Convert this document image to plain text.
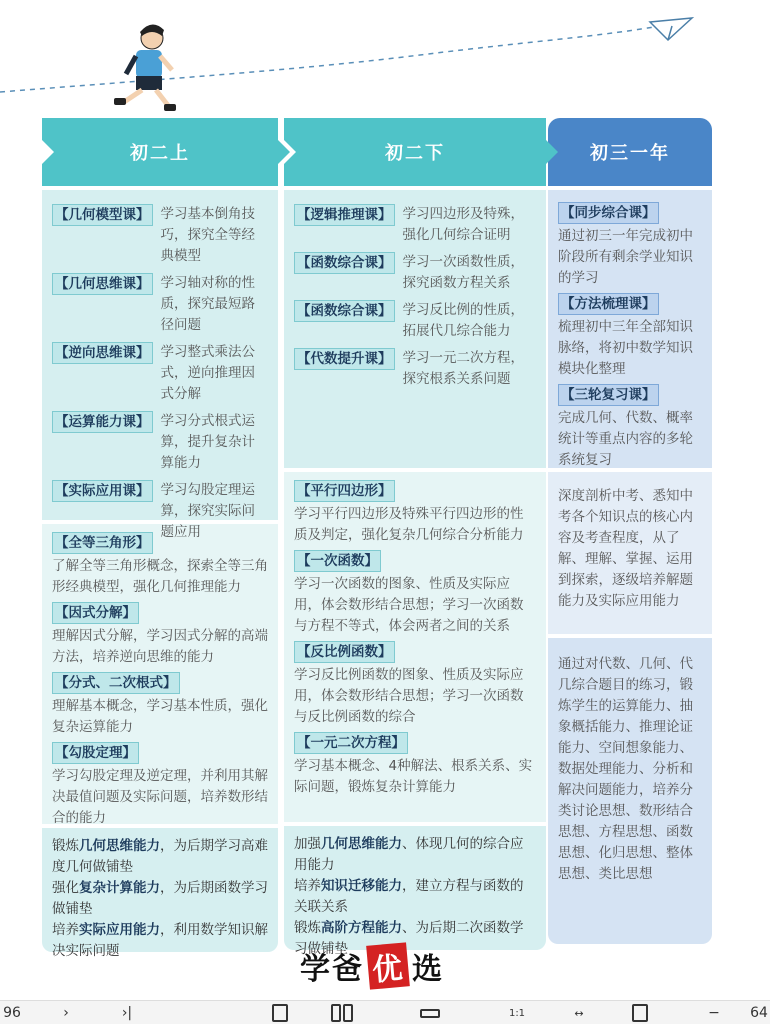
初二上
【几何模型课】 学习基本倒角技巧，探究全等经典模型
【几何思维课】 学习轴对称的性质，探究最短路径问题
【逆向思维课】 学习整式乘法公式，逆向推理因式分解
【运算能力课】 学习分式根式运算，提升复杂计算能力
【实际应用课】 学习勾股定理运算，探究实际问题应用
【全等三角形】
了解全等三角形概念，探索全等三角形经典模型，强化几何推理能力
【因式分解】
理解因式分解，学习因式分解的高端方法，培养逆向思维的能力
【分式、二次根式】
理解基本概念，学习基本性质，强化复杂运算能力
【勾股定理】
学习勾股定理及逆定理，并利用其解决最值问题及实际问题，培养数形结合的能力
锻炼几何思维能力，为后期学习高难度几何做铺垫
强化复杂计算能力，为后期函数学习做铺垫
培养实际应用能力，利用数学知识解决实际问题
初二下
【逻辑推理课】 学习四边形及特殊，强化几何综合证明
【函数综合课】 学习一次函数性质，探究函数方程关系
【函数综合课】 学习反比例的性质，拓展代几综合能力
【代数提升课】 学习一元二次方程，探究根系关系问题
【平行四边形】
学习平行四边形及特殊平行四边形的性质及判定，强化复杂几何综合分析能力
【一次函数】
学习一次函数的图象、性质及实际应用，体会数形结合思想；学习一次函数与方程不等式，体会两者之间的关系
【反比例函数】
学习反比例函数的图象、性质及实际应用，体会数形结合思想；学习一次函数与反比例函数的综合
【一元二次方程】
学习基本概念、4种解法、根系关系、实际问题，锻炼复杂计算能力
加强几何思维能力、体现几何的综合应用能力
培养知识迁移能力，建立方程与函数的关联关系
锻炼高阶方程能力、为后期二次函数学习做铺垫
初三一年
【同步综合课】
通过初三一年完成初中阶段所有剩余学业知识的学习
【方法梳理课】
梳理初中三年全部知识脉络，将初中数学知识模块化整理
【三轮复习课】
完成几何、代数、概率统计等重点内容的多轮系统复习
深度剖析中考、悉知中考各个知识点的核心内容及考查程度，从了解、理解、掌握、运用到探索，逐级培养解题能力及实际应用能力
通过对代数、几何、代几综合题目的练习，锻炼学生的运算能力、抽象概括能力、推理论证能力、空间想象能力、数据处理能力、分析和解决问题能力，培养分类讨论思想、数形结合思想、方程思想、函数思想、化归思想、整体思想、类比思想
学爸 优 选
96	›	›|	1:1	↔	− 64
